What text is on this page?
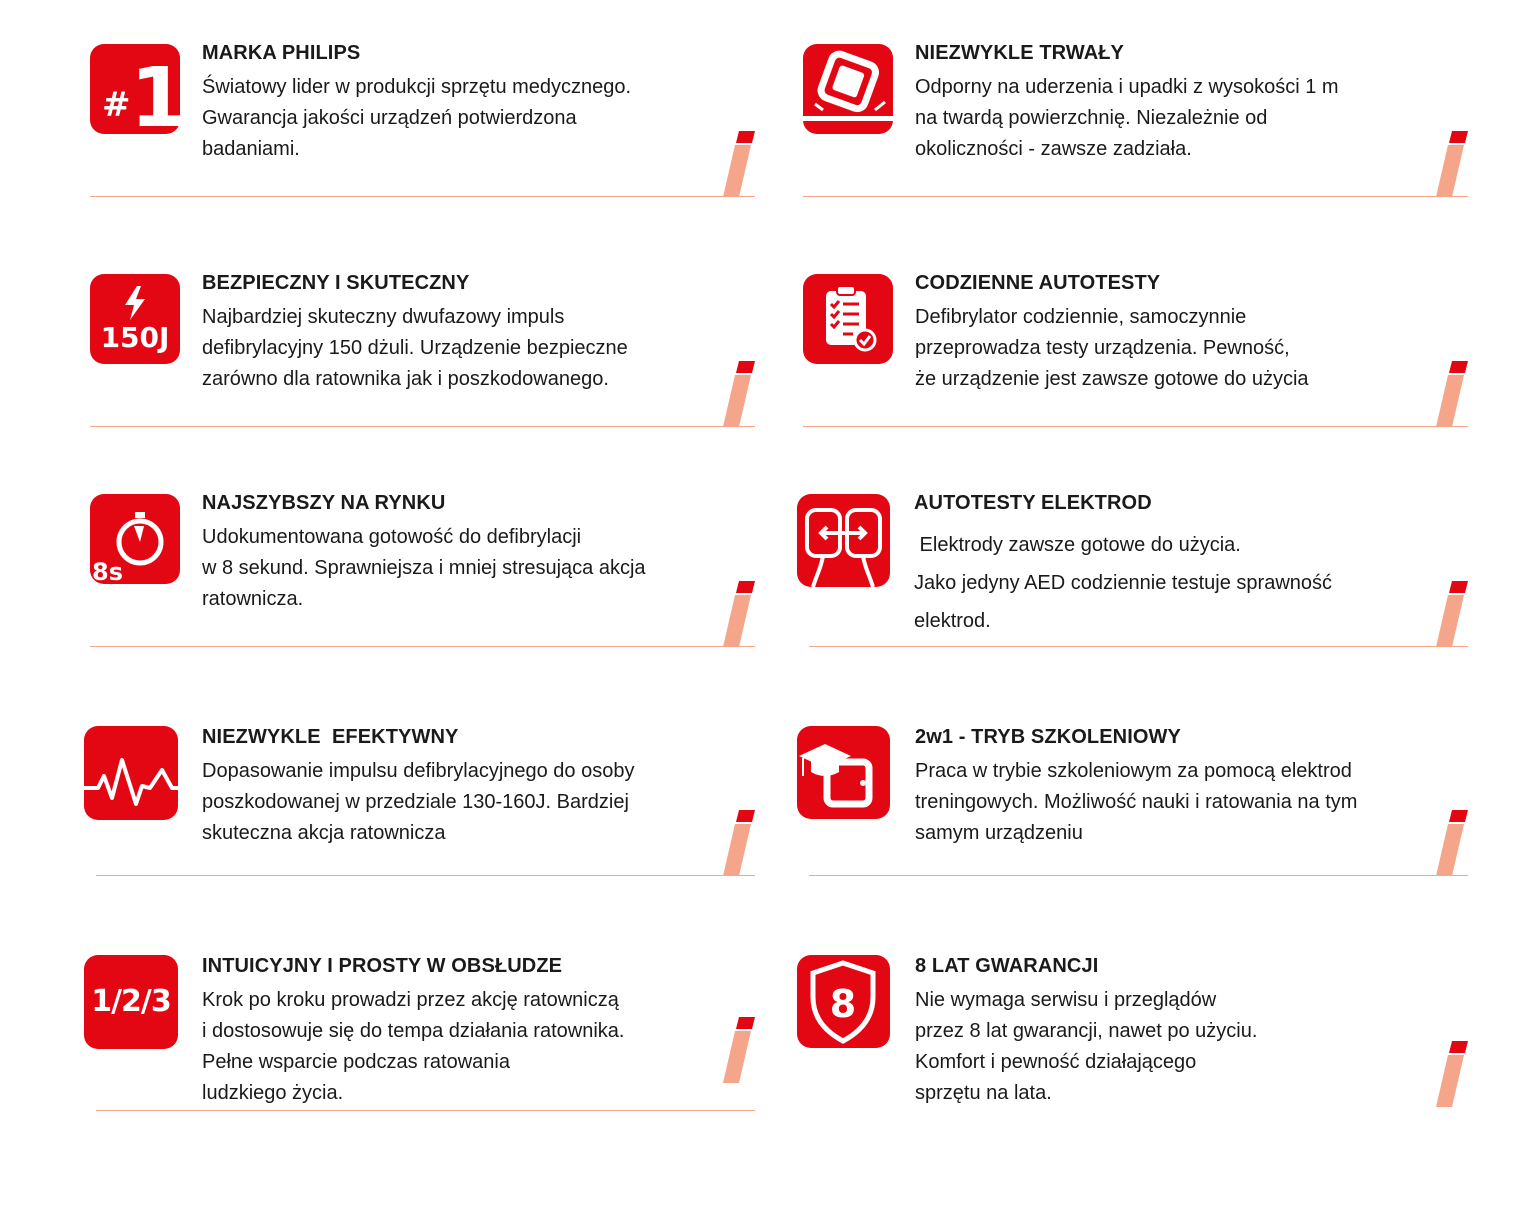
# 1 MARKA PHILIPS
Światowy lider w produkcji sprzętu medycznego.
Gwarancja jakości urządzeń potwierdzona
badaniami.
NIEZWYKLE TRWAŁY
Odporny na uderzenia i upadki z wysokości 1 m
na twardą powierzchnię. Niezależnie od
okoliczności - zawsze zadziała.
150J
BEZPIECZNY I SKUTECZNY
Najbardziej skuteczny dwufazowy impuls
defibrylacyjny 150 dżuli. Urządzenie bezpieczne
zarówno dla ratownika jak i poszkodowanego.
CODZIENNE AUTOTESTY
Defibrylator codziennie, samoczynnie
przeprowadza testy urządzenia. Pewność,
że urządzenie jest zawsze gotowe do użycia
8s
NAJSZYBSZY NA RYNKU
Udokumentowana gotowość do defibrylacji
w 8 sekund. Sprawniejsza i mniej stresująca akcja
ratownicza.
AUTOTESTY ELEKTROD
Elektrody zawsze gotowe do użycia.
Jako jedyny AED codziennie testuje sprawność
elektrod.
NIEZWYKLE  EFEKTYWNY
Dopasowanie impulsu defibrylacyjnego do osoby
poszkodowanej w przedziale 130-160J. Bardziej
skuteczna akcja ratownicza
2w1 - TRYB SZKOLENIOWY
Praca w trybie szkoleniowym za pomocą elektrod
treningowych. Możliwość nauki i ratowania na tym
samym urządzeniu
1/2/3
INTUICYJNY I PROSTY W OBSŁUDZE
Krok po kroku prowadzi przez akcję ratowniczą
i dostosowuje się do tempa działania ratownika.
Pełne wsparcie podczas ratowania
ludzkiego życia.
8
8 LAT GWARANCJI
Nie wymaga serwisu i przeglądów
przez 8 lat gwarancji, nawet po użyciu.
Komfort i pewność działającego
sprzętu na lata.
